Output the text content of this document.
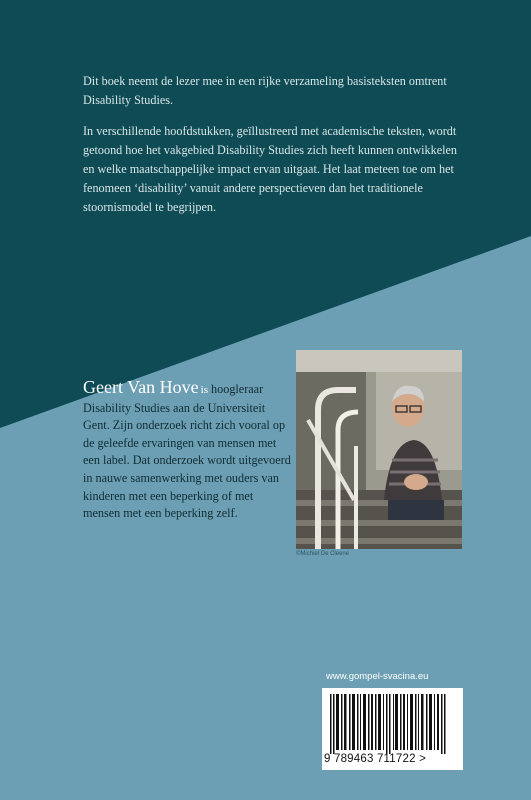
Dit boek neemt de lezer mee in een rijke verzameling basisteksten omtrent Disability Studies.

In verschillende hoofdstukken, geïllustreerd met academische teksten, wordt getoond hoe het vakgebied Disability Studies zich heeft kunnen ontwikkelen en welke maatschappelijke impact ervan uitgaat. Het laat meteen toe om het fenomeen ‘disability’ vanuit andere perspectieven dan het traditionele stoornismodel te begrijpen.

Geert Van Hove is hoogleraar Disability Studies aan de Universiteit Gent. Zijn onderzoek richt zich vooral op de geleefde ervaringen van mensen met een label. Dat onderzoek wordt uitgevoerd in nauwe samenwerking met ouders van kinderen met een beperking of met mensen met een beperking zelf.
©Michiel De Cleene
www.gompel-svacina.eu
9 789463 711722 >
